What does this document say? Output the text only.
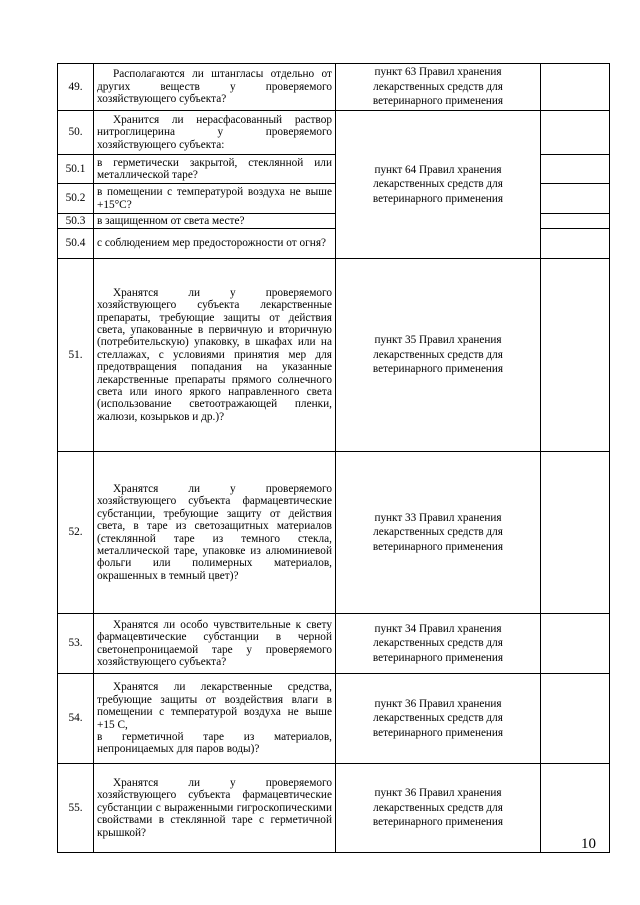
49.	Располагаются ли штангласы отдельно от других веществ у проверяемого хозяйствующего субъекта?	пункт 63 Правил хранения лекарственных средств для ветеринарного применения	
50.	Хранится ли нерасфасованный раствор нитроглицерина у проверяемого хозяйствующего субъекта:	пункт 64 Правил хранения лекарственных средств для ветеринарного применения	
50.1	в герметически закрытой, стеклянной или металлической таре?		

50.2	в помещении с температурой воздуха не выше +15°С?		

50.3	в защищенном от света месте?		

50.4	с соблюдением мер предосторожности от огня?		

51.	Хранятся ли у проверяемого хозяйствующего субъекта лекарственные препараты, требующие защиты от действия света, упакованные в первичную и вторичную (потребительскую) упаковку, в шкафах или на стеллажах, с условиями принятия мер для предотвращения попадания на указанные лекарственные препараты прямого солнечного света или иного яркого направленного света (использование светоотражающей пленки, жалюзи, козырьков и др.)?	пункт 35 Правил хранения лекарственных средств для ветеринарного применения	
52.	Хранятся ли у проверяемого хозяйствующего субъекта фармацевтические субстанции, требующие защиту от действия света, в таре из светозащитных материалов (стеклянной таре из темного стекла, металлической таре, упаковке из алюминиевой фольги или полимерных материалов, окрашенных в темный цвет)?	пункт 33 Правил хранения лекарственных средств для ветеринарного применения	
53.	Хранятся ли особо чувствительные к свету фармацевтические субстанции в черной светонепроницаемой таре у проверяемого хозяйствующего субъекта?	пункт 34 Правил хранения лекарственных средств для ветеринарного применения	
54.	Хранятся ли лекарственные средства, требующие защиты от воздействия влаги в помещении с температурой воздуха не выше +15 С,
в герметичной таре из материалов, непроницаемых для паров воды)?	пункт 36 Правил хранения лекарственных средств для ветеринарного применения	
55.	Хранятся ли у проверяемого хозяйствующего субъекта фармацевтические субстанции с выраженными гигроскопическими свойствами в стеклянной таре с герметичной крышкой?	пункт 36 Правил хранения лекарственных средств для ветеринарного применения	
10
